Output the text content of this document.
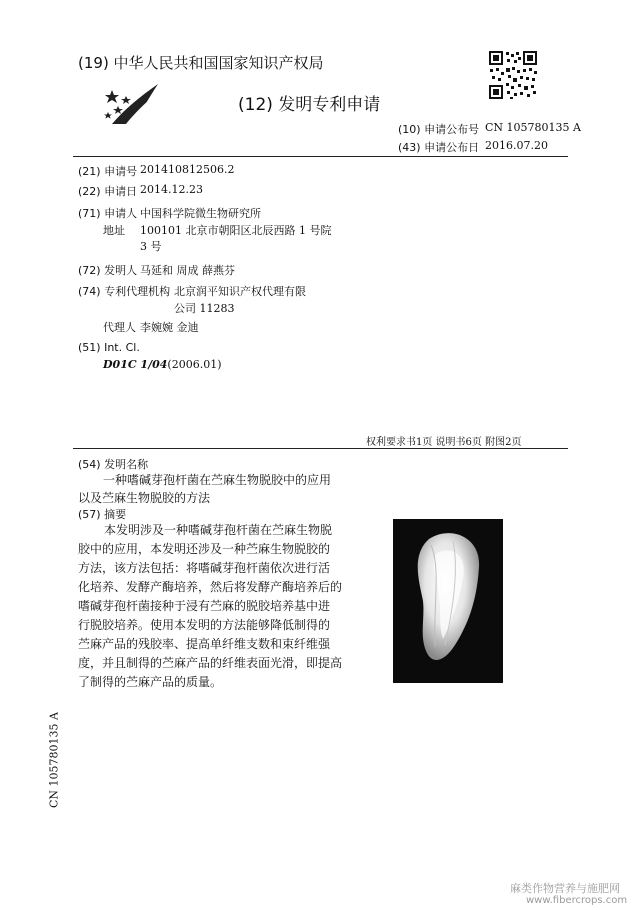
(19) 中华人民共和国国家知识产权局
(12) 发明专利申请
(10) 申请公布号 CN 105780135 A
(43) 申请公布日 2016.07.20
(21) 申请号 201410812506.2
(22) 申请日 2014.12.23
(71) 申请人 中国科学院微生物研究所
地址 100101 北京市朝阳区北辰西路 1 号院
3 号
(72) 发明人 马延和 周成 薛燕芬
(74) 专利代理机构 北京润平知识产权代理有限
公司 11283
代理人 李婉婉 金迪
(51) Int. Cl.
D01C 1/04(2006.01)
权利要求书1页 说明书6页 附图2页
(54) 发明名称
一种嗜碱芽孢杆菌在苎麻生物脱胶中的应用
以及苎麻生物脱胶的方法
(57) 摘要
本发明涉及一种嗜碱芽孢杆菌在苎麻生物脱
胶中的应用，本发明还涉及一种苎麻生物脱胶的
方法，该方法包括：将嗜碱芽孢杆菌依次进行活
化培养、发酵产酶培养，然后将发酵产酶培养后的
嗜碱芽孢杆菌接种于浸有苎麻的脱胶培养基中进
行脱胶培养。使用本发明的方法能够降低制得的
苎麻产品的残胶率、提高单纤维支数和束纤维强
度，并且制得的苎麻产品的纤维表面光滑，即提高
了制得的苎麻产品的质量。
CN 105780135 A
麻类作物营养与施肥网
www.fibercrops.com
